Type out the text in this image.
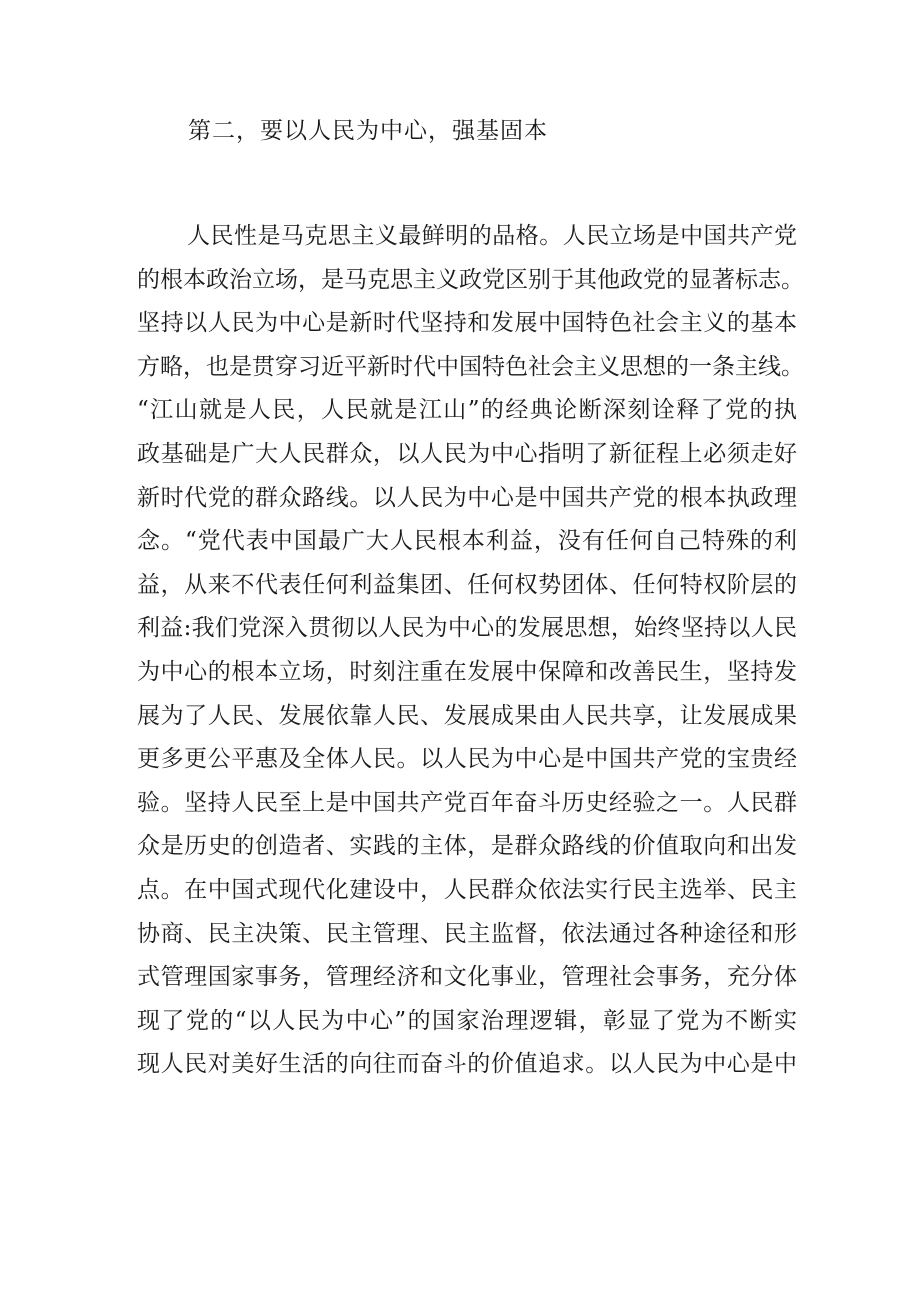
第二，要以人民为中心，强基固本
人民性是马克思主义最鲜明的品格。人民立场是中国共产党
的根本政治立场，是马克思主义政党区别于其他政党的显著标志。
坚持以人民为中心是新时代坚持和发展中国特色社会主义的基本
方略，也是贯穿习近平新时代中国特色社会主义思想的一条主线。
“江山就是人民，人民就是江山”的经典论断深刻诠释了党的执
政基础是广大人民群众，以人民为中心指明了新征程上必须走好
新时代党的群众路线。以人民为中心是中国共产党的根本执政理
念。“党代表中国最广大人民根本利益，没有任何自己特殊的利
益，从来不代表任何利益集团、任何权势团体、任何特权阶层的
利益:我们党深入贯彻以人民为中心的发展思想，始终坚持以人民
为中心的根本立场，时刻注重在发展中保障和改善民生，坚持发
展为了人民、发展依靠人民、发展成果由人民共享，让发展成果
更多更公平惠及全体人民。以人民为中心是中国共产党的宝贵经
验。坚持人民至上是中国共产党百年奋斗历史经验之一。人民群
众是历史的创造者、实践的主体，是群众路线的价值取向和出发
点。在中国式现代化建设中，人民群众依法实行民主选举、民主
协商、民主决策、民主管理、民主监督，依法通过各种途径和形
式管理国家事务，管理经济和文化事业，管理社会事务，充分体
现了党的“以人民为中心”的国家治理逻辑，彰显了党为不断实
现人民对美好生活的向往而奋斗的价值追求。以人民为中心是中
